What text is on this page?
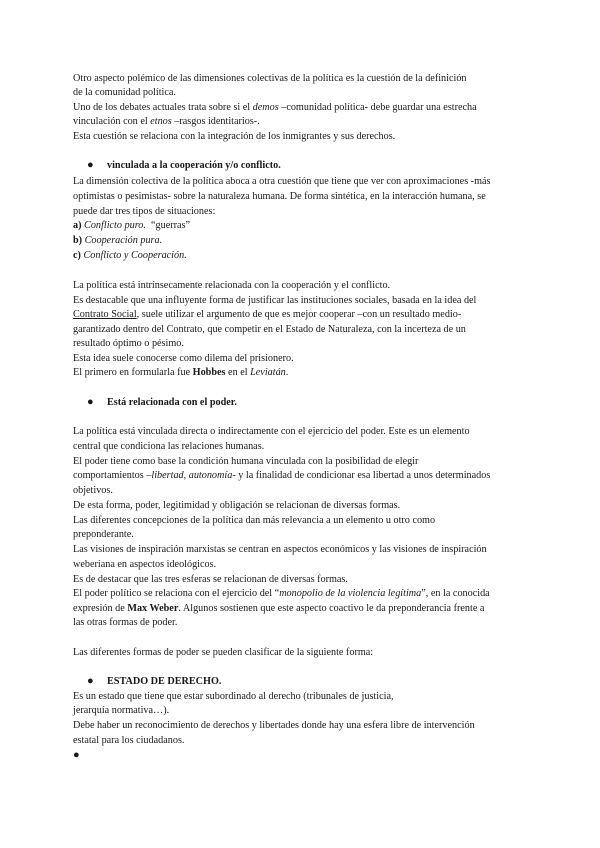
Otro aspecto polémico de las dimensiones colectivas de la política es la cuestión de la definición

de la comunidad política.

Uno de los debates actuales trata sobre si el demos –comunidad política- debe guardar una estrecha

vinculación con el etnos –rasgos identitarios-.

Esta cuestión se relaciona con la integración de los inmigrantes y sus derechos.

● vinculada a la cooperación y/o conflicto.

La dimensión colectiva de la política aboca a otra cuestión que tiene que ver con aproximaciones -más

optimistas o pesimistas- sobre la naturaleza humana. De forma sintética, en la interacción humana, se

puede dar tres tipos de situaciones:

a) Conflicto puro. “guerras”

b) Cooperación pura.

c) Conflicto y Cooperación.

La política está intrínsecamente relacionada con la cooperación y el conflicto.

Es destacable que una influyente forma de justificar las instituciones sociales, basada en la idea del

Contrato Social, suele utilizar el argumento de que es mejor cooperar –con un resultado medio-

garantizado dentro del Contrato, que competir en el Estado de Naturaleza, con la incerteza de un

resultado óptimo o pésimo.

Esta idea suele conocerse como dilema del prisionero.

El primero en formularla fue Hobbes en el Leviatán.

● Está relacionada con el poder.

La política está vinculada directa o indirectamente con el ejercicio del poder. Este es un elemento

central que condiciona las relaciones humanas.

El poder tiene como base la condición humana vinculada con la posibilidad de elegir

comportamientos –libertad, autonomía- y la finalidad de condicionar esa libertad a unos determinados

objetivos.

De esta forma, poder, legitimidad y obligación se relacionan de diversas formas.

Las diferentes concepciones de la política dan más relevancia a un elemento u otro como

preponderante.

Las visiones de inspiración marxistas se centran en aspectos económicos y las visiones de inspiración

weberiana en aspectos ideológicos.

Es de destacar que las tres esferas se relacionan de diversas formas.

El poder político se relaciona con el ejercicio del “monopolio de la violencia legítima”, en la conocida

expresión de Max Weber. Algunos sostienen que este aspecto coactivo le da preponderancia frente a

las otras formas de poder.

Las diferentes formas de poder se pueden clasificar de la siguiente forma:

● ESTADO DE DERECHO.

Es un estado que tiene que estar subordinado al derecho (tribunales de justicia,

jerarquía normativa…).

Debe haber un reconocimiento de derechos y libertades donde hay una esfera libre de intervención

estatal para los ciudadanos.

●
